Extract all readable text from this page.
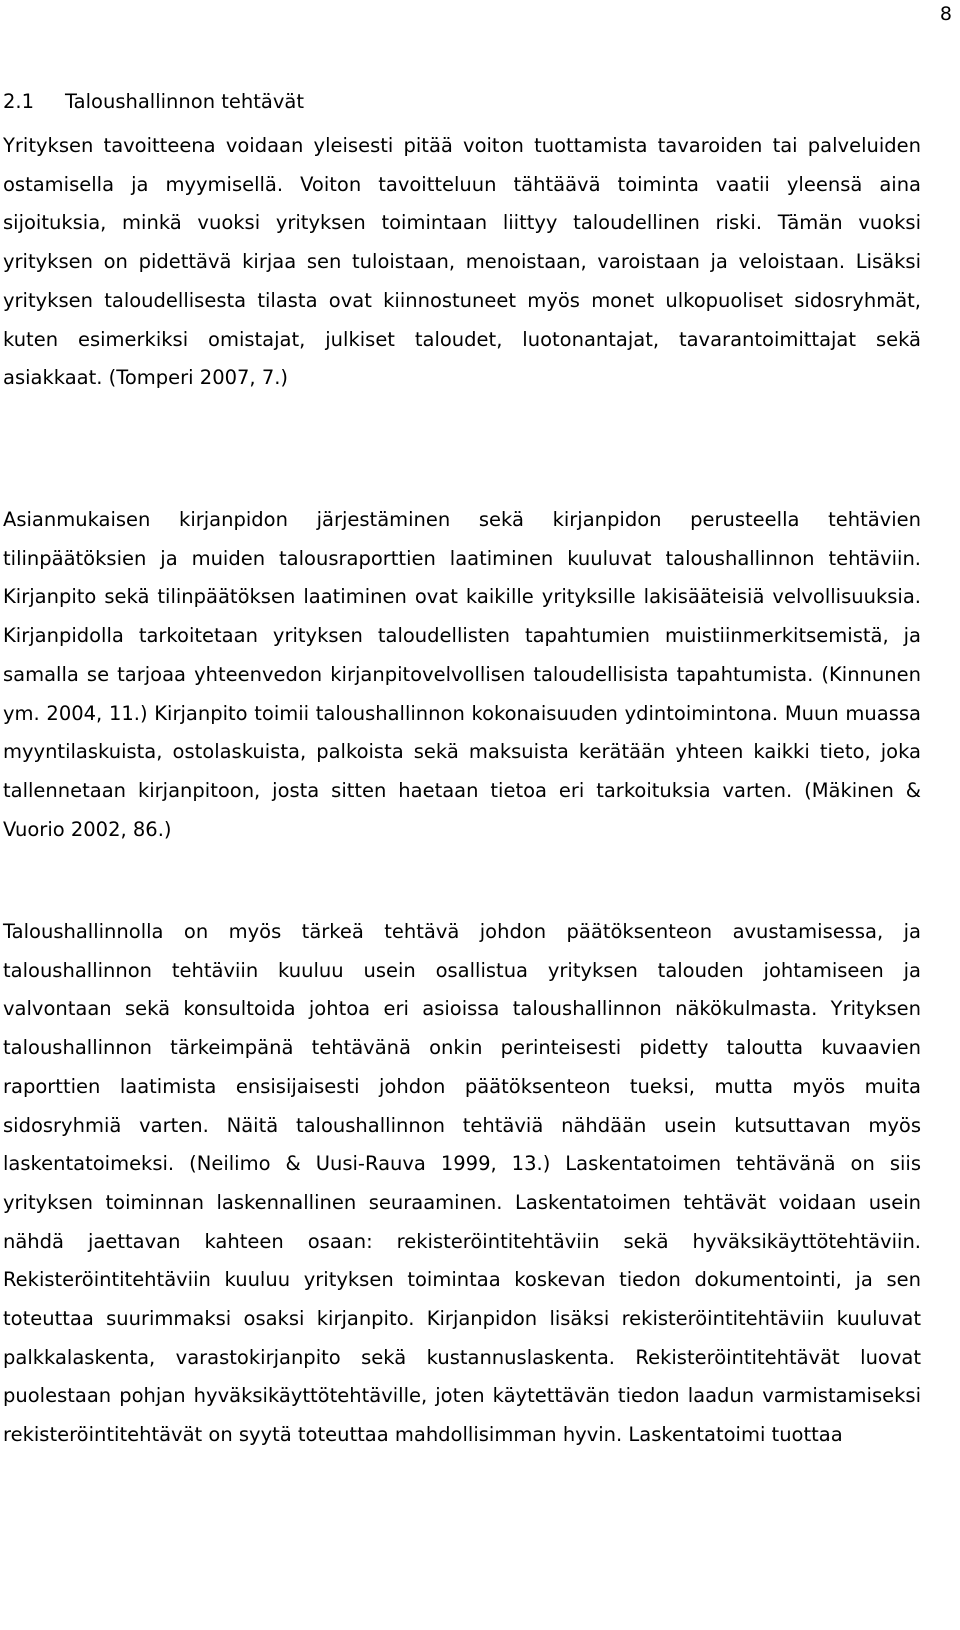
8
2.1 Taloushallinnon tehtävät

Yrityksen tavoitteena voidaan yleisesti pitää voiton tuottamista tavaroiden tai palveluiden ostamisella ja myymisellä. Voiton tavoitteluun tähtäävä toiminta vaatii yleensä aina sijoituksia, minkä vuoksi yrityksen toimintaan liittyy taloudellinen riski. Tämän vuoksi yrityksen on pidettävä kirjaa sen tuloistaan, menoistaan, varoistaan ja veloistaan. Lisäksi yrityksen taloudellisesta tilasta ovat kiinnostuneet myös monet ulkopuoliset sidosryhmät, kuten esimerkiksi omistajat, julkiset taloudet, luotonantajat, tavarantoimittajat sekä asiakkaat. (Tomperi 2007, 7.)

Asianmukaisen kirjanpidon järjestäminen sekä kirjanpidon perusteella tehtävien tilinpäätöksien ja muiden talousraporttien laatiminen kuuluvat taloushallinnon tehtäviin. Kirjanpito sekä tilinpäätöksen laatiminen ovat kaikille yrityksille lakisääteisiä velvollisuuksia. Kirjanpidolla tarkoitetaan yrityksen taloudellisten tapahtumien muistiinmerkitsemistä, ja samalla se tarjoaa yhteenvedon kirjanpitovelvollisen taloudellisista tapahtumista. (Kinnunen ym. 2004, 11.) Kirjanpito toimii taloushallinnon kokonaisuuden ydintoimintona. Muun muassa myyntilaskuista, ostolaskuista, palkoista sekä maksuista kerätään yhteen kaikki tieto, joka tallennetaan kirjanpitoon, josta sitten haetaan tietoa eri tarkoituksia varten. (Mäkinen & Vuorio 2002, 86.)

Taloushallinnolla on myös tärkeä tehtävä johdon päätöksenteon avustamisessa, ja taloushallinnon tehtäviin kuuluu usein osallistua yrityksen talouden johtamiseen ja valvontaan sekä konsultoida johtoa eri asioissa taloushallinnon näkökulmasta. Yrityksen taloushallinnon tärkeimpänä tehtävänä onkin perinteisesti pidetty taloutta kuvaavien raporttien laatimista ensisijaisesti johdon päätöksenteon tueksi, mutta myös muita sidosryhmiä varten. Näitä taloushallinnon tehtäviä nähdään usein kutsuttavan myös laskentatoimeksi. (Neilimo & Uusi-Rauva 1999, 13.) Laskentatoimen tehtävänä on siis yrityksen toiminnan laskennallinen seuraaminen. Laskentatoimen tehtävät voidaan usein nähdä jaettavan kahteen osaan: rekisteröintitehtäviin sekä hyväksikäyttötehtäviin. Rekisteröintitehtäviin kuuluu yrityksen toimintaa koskevan tiedon dokumentointi, ja sen toteuttaa suurimmaksi osaksi kirjanpito. Kirjanpidon lisäksi rekisteröintitehtäviin kuuluvat palkkalaskenta, varastokirjanpito sekä kustannuslaskenta. Rekisteröintitehtävät luovat puolestaan pohjan hyväksikäyttötehtäville, joten käytettävän tiedon laadun varmistamiseksi rekisteröintitehtävät on syytä toteuttaa mahdollisimman hyvin. Laskentatoimi tuottaa
